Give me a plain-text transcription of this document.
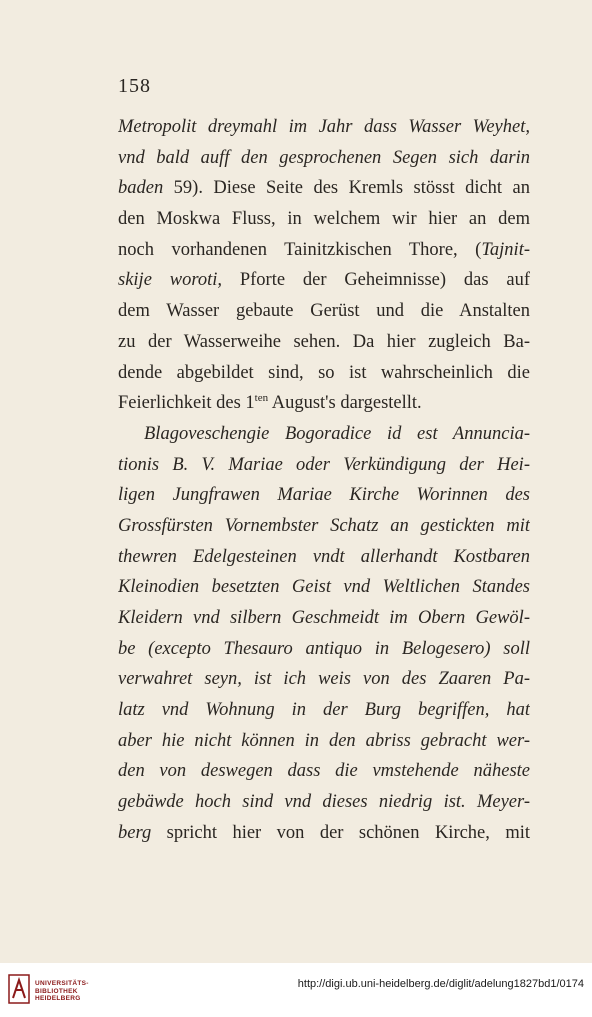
158
Metropolit dreymahl im Jahr dass Wasser Weyhet,
vnd bald auff den gesprochenen Segen sich darin
baden 59). Diese Seite des Kremls stösst dicht an
den Moskwa Fluss, in welchem wir hier an dem
noch vorhandenen Tainitzkischen Thore, (Tajnit-
skije woroti, Pforte der Geheimnisse) das auf
dem Wasser gebaute Gerüst und die Anstalten
zu der Wasserweihe sehen. Da hier zugleich Ba-
dende abgebildet sind, so ist wahrscheinlich die
Feierlichkeit des $1^{ten}$ August's dargestellt.
Blagoveschengie Bogoradice id est Annuncia-
tionis B. V. Mariae oder Verkündigung der Hei-
ligen Jungfrawen Mariae Kirche Worinnen des
Grossfürsten Vornembster Schatz an gestickten mit
thewren Edelgesteinen vndt allerhandt Kostbaren
Kleinodien besetzten Geist vnd Weltlichen Standes
Kleidern vnd silbern Geschmeidt im Obern Gewöl-
be (excepto Thesauro antiquo in Belogesero) soll
verwahret seyn, ist ich weis von des Zaaren Pa-
latz vnd Wohnung in der Burg begriffen, hat
aber hie nicht können in den abriss gebracht wer-
den von deswegen dass die vmstehende näheste
gebäwde hoch sind vnd dieses niedrig ist. Meyer-
berg spricht hier von der schönen Kirche, mit
UNIVERSITÄTS-
BIBLIOTHEK
HEIDELBERG
http://digi.ub.uni-heidelberg.de/diglit/adelung1827bd1/0174
